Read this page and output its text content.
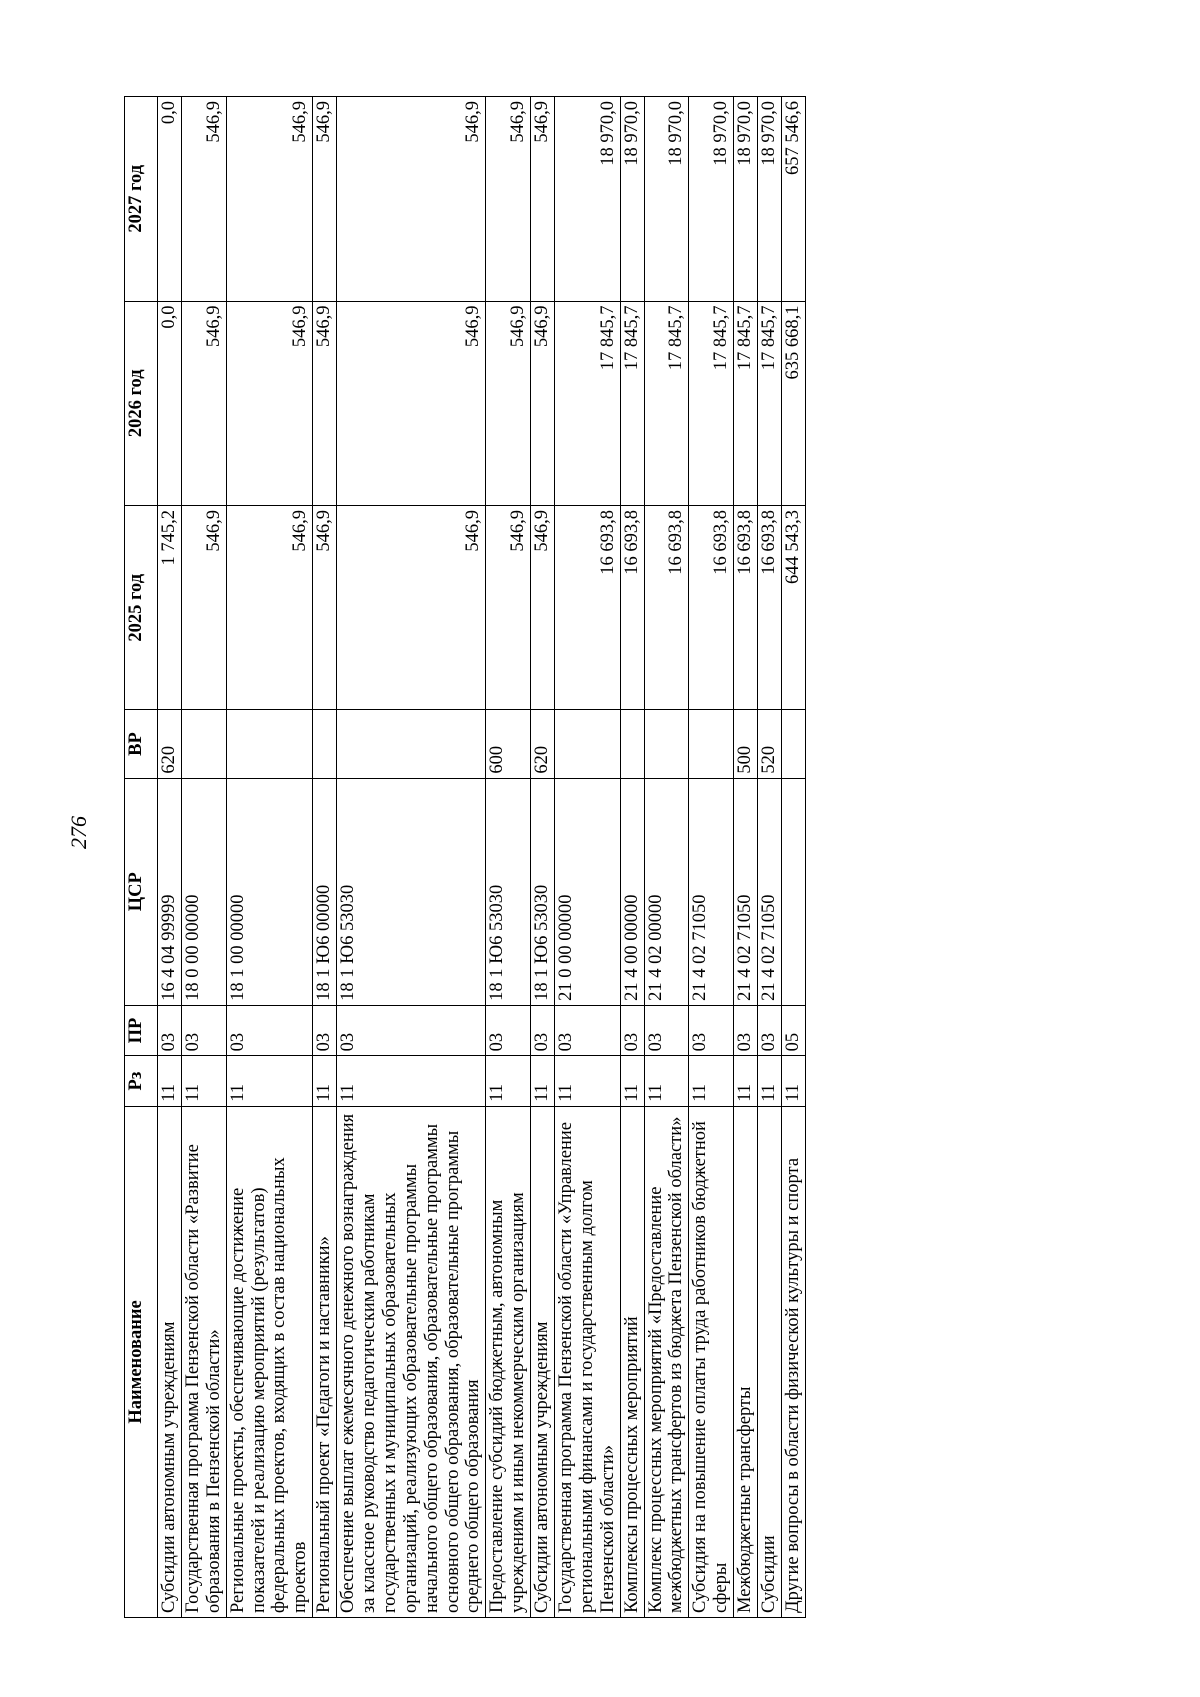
276
Наименование	Рз	ПР	ЦСР	ВР	2025 год	2026 год	2027 год
Субсидии автономным учреждениям	11	03	16 4 04 99999	620	1 745,2	0,0	0,0
Государственная программа Пензенской области «Развитие образования в Пензенской области»	11	03	18 0 00 00000		546,9	546,9	546,9
Региональные проекты, обеспечивающие достижение показателей и реализацию мероприятий (результатов) федеральных проектов, входящих в состав национальных проектов	11	03	18 1 00 00000		546,9	546,9	546,9
Региональный проект «Педагоги и наставники»	11	03	18 1 Ю6 00000		546,9	546,9	546,9
Обеспечение выплат ежемесячного денежного вознаграждения за классное руководство педагогическим работникам государственных и муниципальных образовательных организаций, реализующих образовательные программы начального общего образования, образовательные программы основного общего образования, образовательные программы среднего общего образования	11	03	18 1 Ю6 53030		546,9	546,9	546,9
Предоставление субсидий бюджетным, автономным учреждениям и иным некоммерческим организациям	11	03	18 1 Ю6 53030	600	546,9	546,9	546,9
Субсидии автономным учреждениям	11	03	18 1 Ю6 53030	620	546,9	546,9	546,9
Государственная программа Пензенской области «Управление региональными финансами и государственным долгом Пензенской области»	11	03	21 0 00 00000		16 693,8	17 845,7	18 970,0
Комплексы процессных мероприятий	11	03	21 4 00 00000		16 693,8	17 845,7	18 970,0
Комплекс процессных мероприятий «Предоставление межбюджетных трансфертов из бюджета Пензенской области»	11	03	21 4 02 00000		16 693,8	17 845,7	18 970,0
Субсидия на повышение оплаты труда работников бюджетной сферы	11	03	21 4 02 71050		16 693,8	17 845,7	18 970,0
Межбюджетные трансферты	11	03	21 4 02 71050	500	16 693,8	17 845,7	18 970,0
Субсидии	11	03	21 4 02 71050	520	16 693,8	17 845,7	18 970,0
Другие вопросы в области физической культуры и спорта	11	05			644 543,3	635 668,1	657 546,6
